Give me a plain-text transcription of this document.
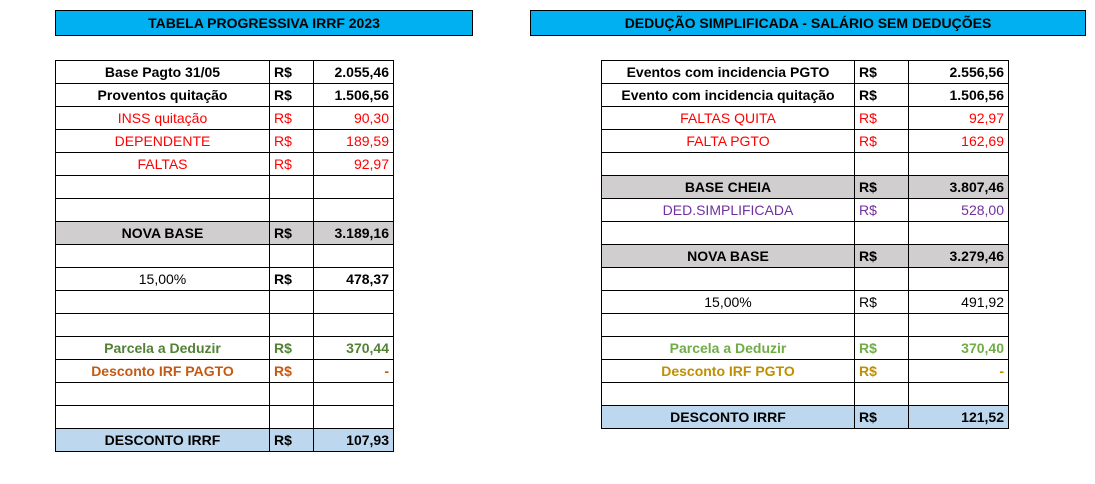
TABELA PROGRESSIVA IRRF 2023
Base Pagto 31/05	R$	2.055,46
Proventos quitação	R$	1.506,56
INSS quitação	R$	90,30
DEPENDENTE	R$	189,59
FALTAS	R$	92,97

NOVA BASE	R$	3.189,16

15,00%	R$	478,37

Parcela a Deduzir	R$	370,44
Desconto IRF PAGTO	R$	-

DESCONTO IRRF	R$	107,93
DEDUÇÃO SIMPLIFICADA - SALÁRIO SEM DEDUÇÕES
Eventos com incidencia PGTO	R$	2.556,56
Evento com incidencia quitação	R$	1.506,56
FALTAS QUITA	R$	92,97
FALTA PGTO	R$	162,69

BASE CHEIA	R$	3.807,46
DED.SIMPLIFICADA	R$	528,00

NOVA BASE	R$	3.279,46

15,00%	R$	491,92

Parcela a Deduzir	R$	370,40
Desconto IRF PGTO	R$	-

DESCONTO IRRF	R$	121,52
